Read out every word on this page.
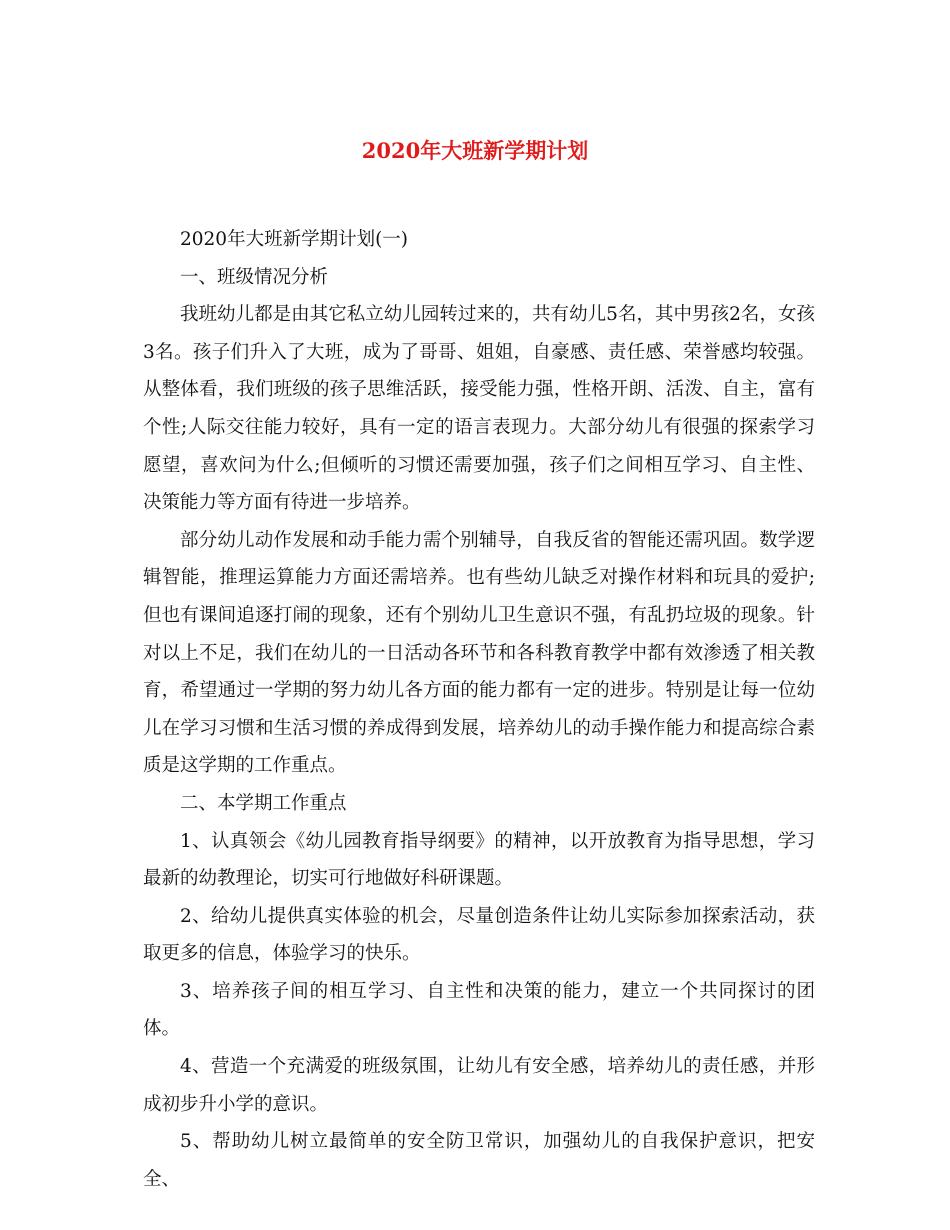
2020年大班新学期计划

2020年大班新学期计划(一)

一、班级情况分析

我班幼儿都是由其它私立幼儿园转过来的，共有幼儿5名，其中男孩2名，女孩3名。孩子们升入了大班，成为了哥哥、姐姐，自豪感、责任感、荣誉感均较强。从整体看，我们班级的孩子思维活跃，接受能力强，性格开朗、活泼、自主，富有个性;人际交往能力较好，具有一定的语言表现力。大部分幼儿有很强的探索学习愿望，喜欢问为什么;但倾听的习惯还需要加强，孩子们之间相互学习、自主性、决策能力等方面有待进一步培养。

部分幼儿动作发展和动手能力需个别辅导，自我反省的智能还需巩固。数学逻辑智能，推理运算能力方面还需培养。也有些幼儿缺乏对操作材料和玩具的爱护;但也有课间追逐打闹的现象，还有个别幼儿卫生意识不强，有乱扔垃圾的现象。针对以上不足，我们在幼儿的一日活动各环节和各科教育教学中都有效渗透了相关教育，希望通过一学期的努力幼儿各方面的能力都有一定的进步。特别是让每一位幼儿在学习习惯和生活习惯的养成得到发展，培养幼儿的动手操作能力和提高综合素质是这学期的工作重点。

二、本学期工作重点

1、认真领会《幼儿园教育指导纲要》的精神，以开放教育为指导思想，学习最新的幼教理论，切实可行地做好科研课题。

2、给幼儿提供真实体验的机会，尽量创造条件让幼儿实际参加探索活动，获取更多的信息，体验学习的快乐。

3、培养孩子间的相互学习、自主性和决策的能力，建立一个共同探讨的团体。

4、营造一个充满爱的班级氛围，让幼儿有安全感，培养幼儿的责任感，并形成初步升小学的意识。

5、帮助幼儿树立最简单的安全防卫常识，加强幼儿的自我保护意识，把安全、
